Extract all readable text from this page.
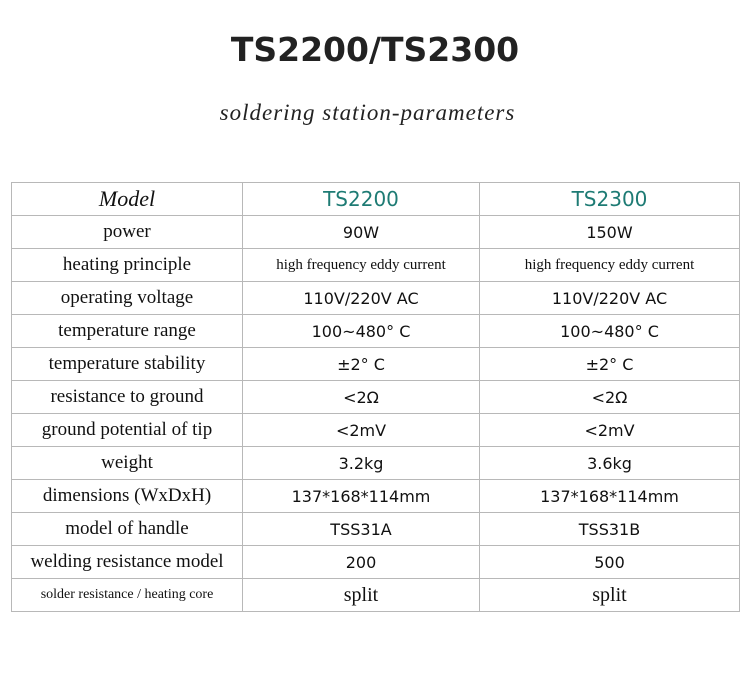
TS2200/TS2300
soldering station-parameters
Model	TS2200	TS2300
power	90W	150W
heating principle	high frequency eddy current	high frequency eddy current
operating voltage	110V/220V AC	110V/220V AC
temperature range	100~480° C	100~480° C
temperature stability	±2° C	±2° C
resistance to ground	<2Ω	<2Ω
ground potential of tip	<2mV	<2mV
weight	3.2kg	3.6kg
dimensions (WxDxH)	137*168*114mm	137*168*114mm
model of handle	TSS31A	TSS31B
welding resistance model	200	500
solder resistance / heating core	split	split
